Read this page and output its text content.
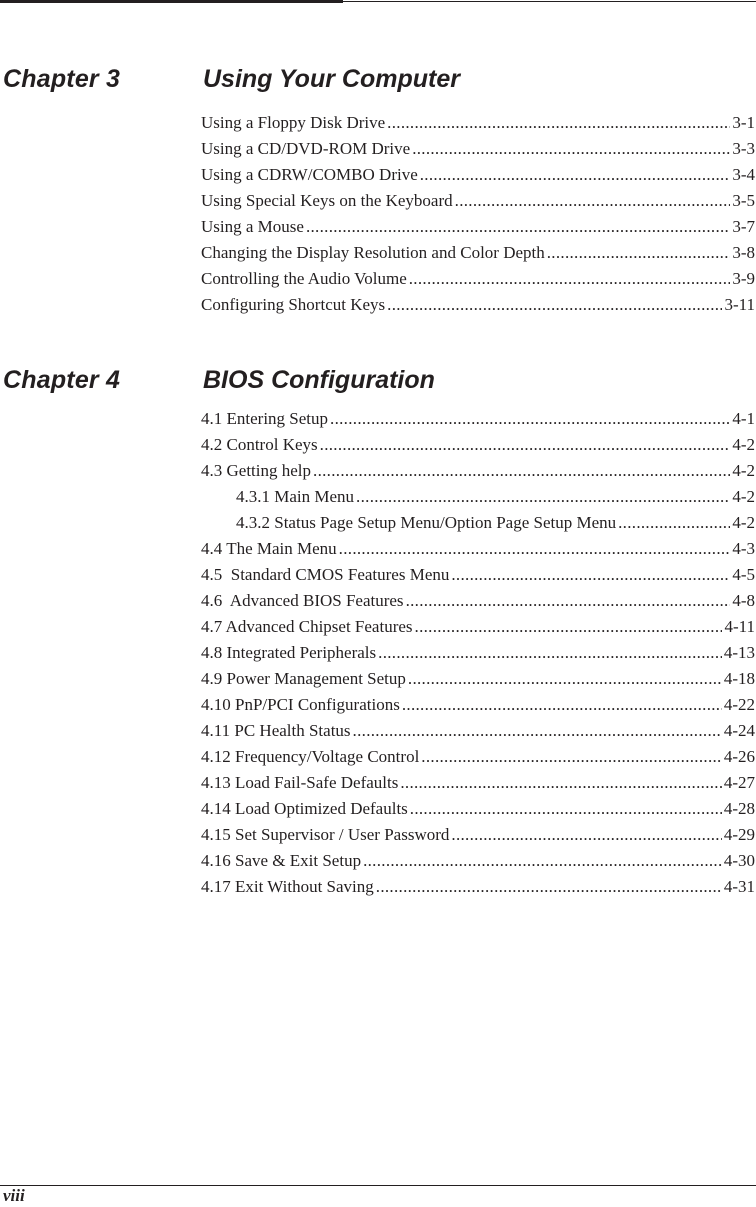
Chapter 3	Using Your Computer
Using a Floppy Disk Drive .....	3-1
Using a CD/DVD-ROM Drive .....	3-3
Using a CDRW/COMBO Drive .....	3-4
Using Special Keys on the Keyboard .....	3-5
Using a Mouse .....	3-7
Changing the Display Resolution and Color Depth .....	3-8
Controlling the Audio Volume .....	3-9
Configuring Shortcut Keys .....	3-11
Chapter 4	BIOS Configuration
4.1 Entering Setup .....	4-1
4.2 Control Keys .....	4-2
4.3 Getting help .....	4-2
4.3.1 Main Menu .....	4-2
4.3.2 Status Page Setup Menu/Option Page Setup Menu .....	4-2
4.4 The Main Menu .....	4-3
4.5  Standard CMOS Features Menu .....	4-5
4.6  Advanced BIOS Features .....	4-8
4.7 Advanced Chipset Features .....	4-11
4.8 Integrated Peripherals .....	4-13
4.9 Power Management Setup .....	4-18
4.10 PnP/PCI Configurations .....	4-22
4.11 PC Health Status .....	4-24
4.12 Frequency/Voltage Control .....	4-26
4.13 Load Fail-Safe Defaults .....	4-27
4.14 Load Optimized Defaults .....	4-28
4.15 Set Supervisor / User Password .....	4-29
4.16 Save & Exit Setup .....	4-30
4.17 Exit Without Saving .....	4-31
viii
